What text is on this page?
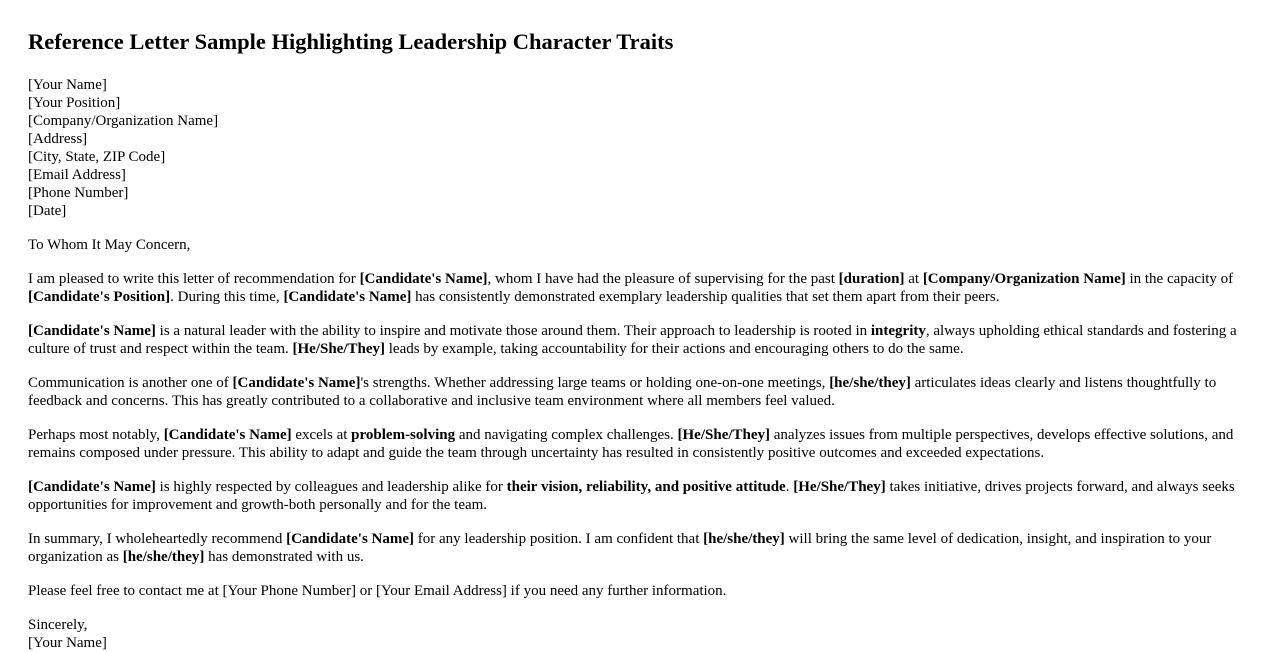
Reference Letter Sample Highlighting Leadership Character Traits
[Your Name]
[Your Position]
[Company/Organization Name]
[Address]
[City, State, ZIP Code]
[Email Address]
[Phone Number]
[Date]

To Whom It May Concern,

I am pleased to write this letter of recommendation for [Candidate's Name], whom I have had the pleasure of supervising for the past [duration] at [Company/Organization Name] in the capacity of [Candidate's Position]. During this time, [Candidate's Name] has consistently demonstrated exemplary leadership qualities that set them apart from their peers.

[Candidate's Name] is a natural leader with the ability to inspire and motivate those around them. Their approach to leadership is rooted in integrity, always upholding ethical standards and fostering a culture of trust and respect within the team. [He/She/They] leads by example, taking accountability for their actions and encouraging others to do the same.

Communication is another one of [Candidate's Name]'s strengths. Whether addressing large teams or holding one-on-one meetings, [he/she/they] articulates ideas clearly and listens thoughtfully to feedback and concerns. This has greatly contributed to a collaborative and inclusive team environment where all members feel valued.

Perhaps most notably, [Candidate's Name] excels at problem-solving and navigating complex challenges. [He/She/They] analyzes issues from multiple perspectives, develops effective solutions, and remains composed under pressure. This ability to adapt and guide the team through uncertainty has resulted in consistently positive outcomes and exceeded expectations.

[Candidate's Name] is highly respected by colleagues and leadership alike for their vision, reliability, and positive attitude. [He/She/They] takes initiative, drives projects forward, and always seeks opportunities for improvement and growth-both personally and for the team.

In summary, I wholeheartedly recommend [Candidate's Name] for any leadership position. I am confident that [he/she/they] will bring the same level of dedication, insight, and inspiration to your organization as [he/she/they] has demonstrated with us.

Please feel free to contact me at [Your Phone Number] or [Your Email Address] if you need any further information.

Sincerely,

[Your Name]
